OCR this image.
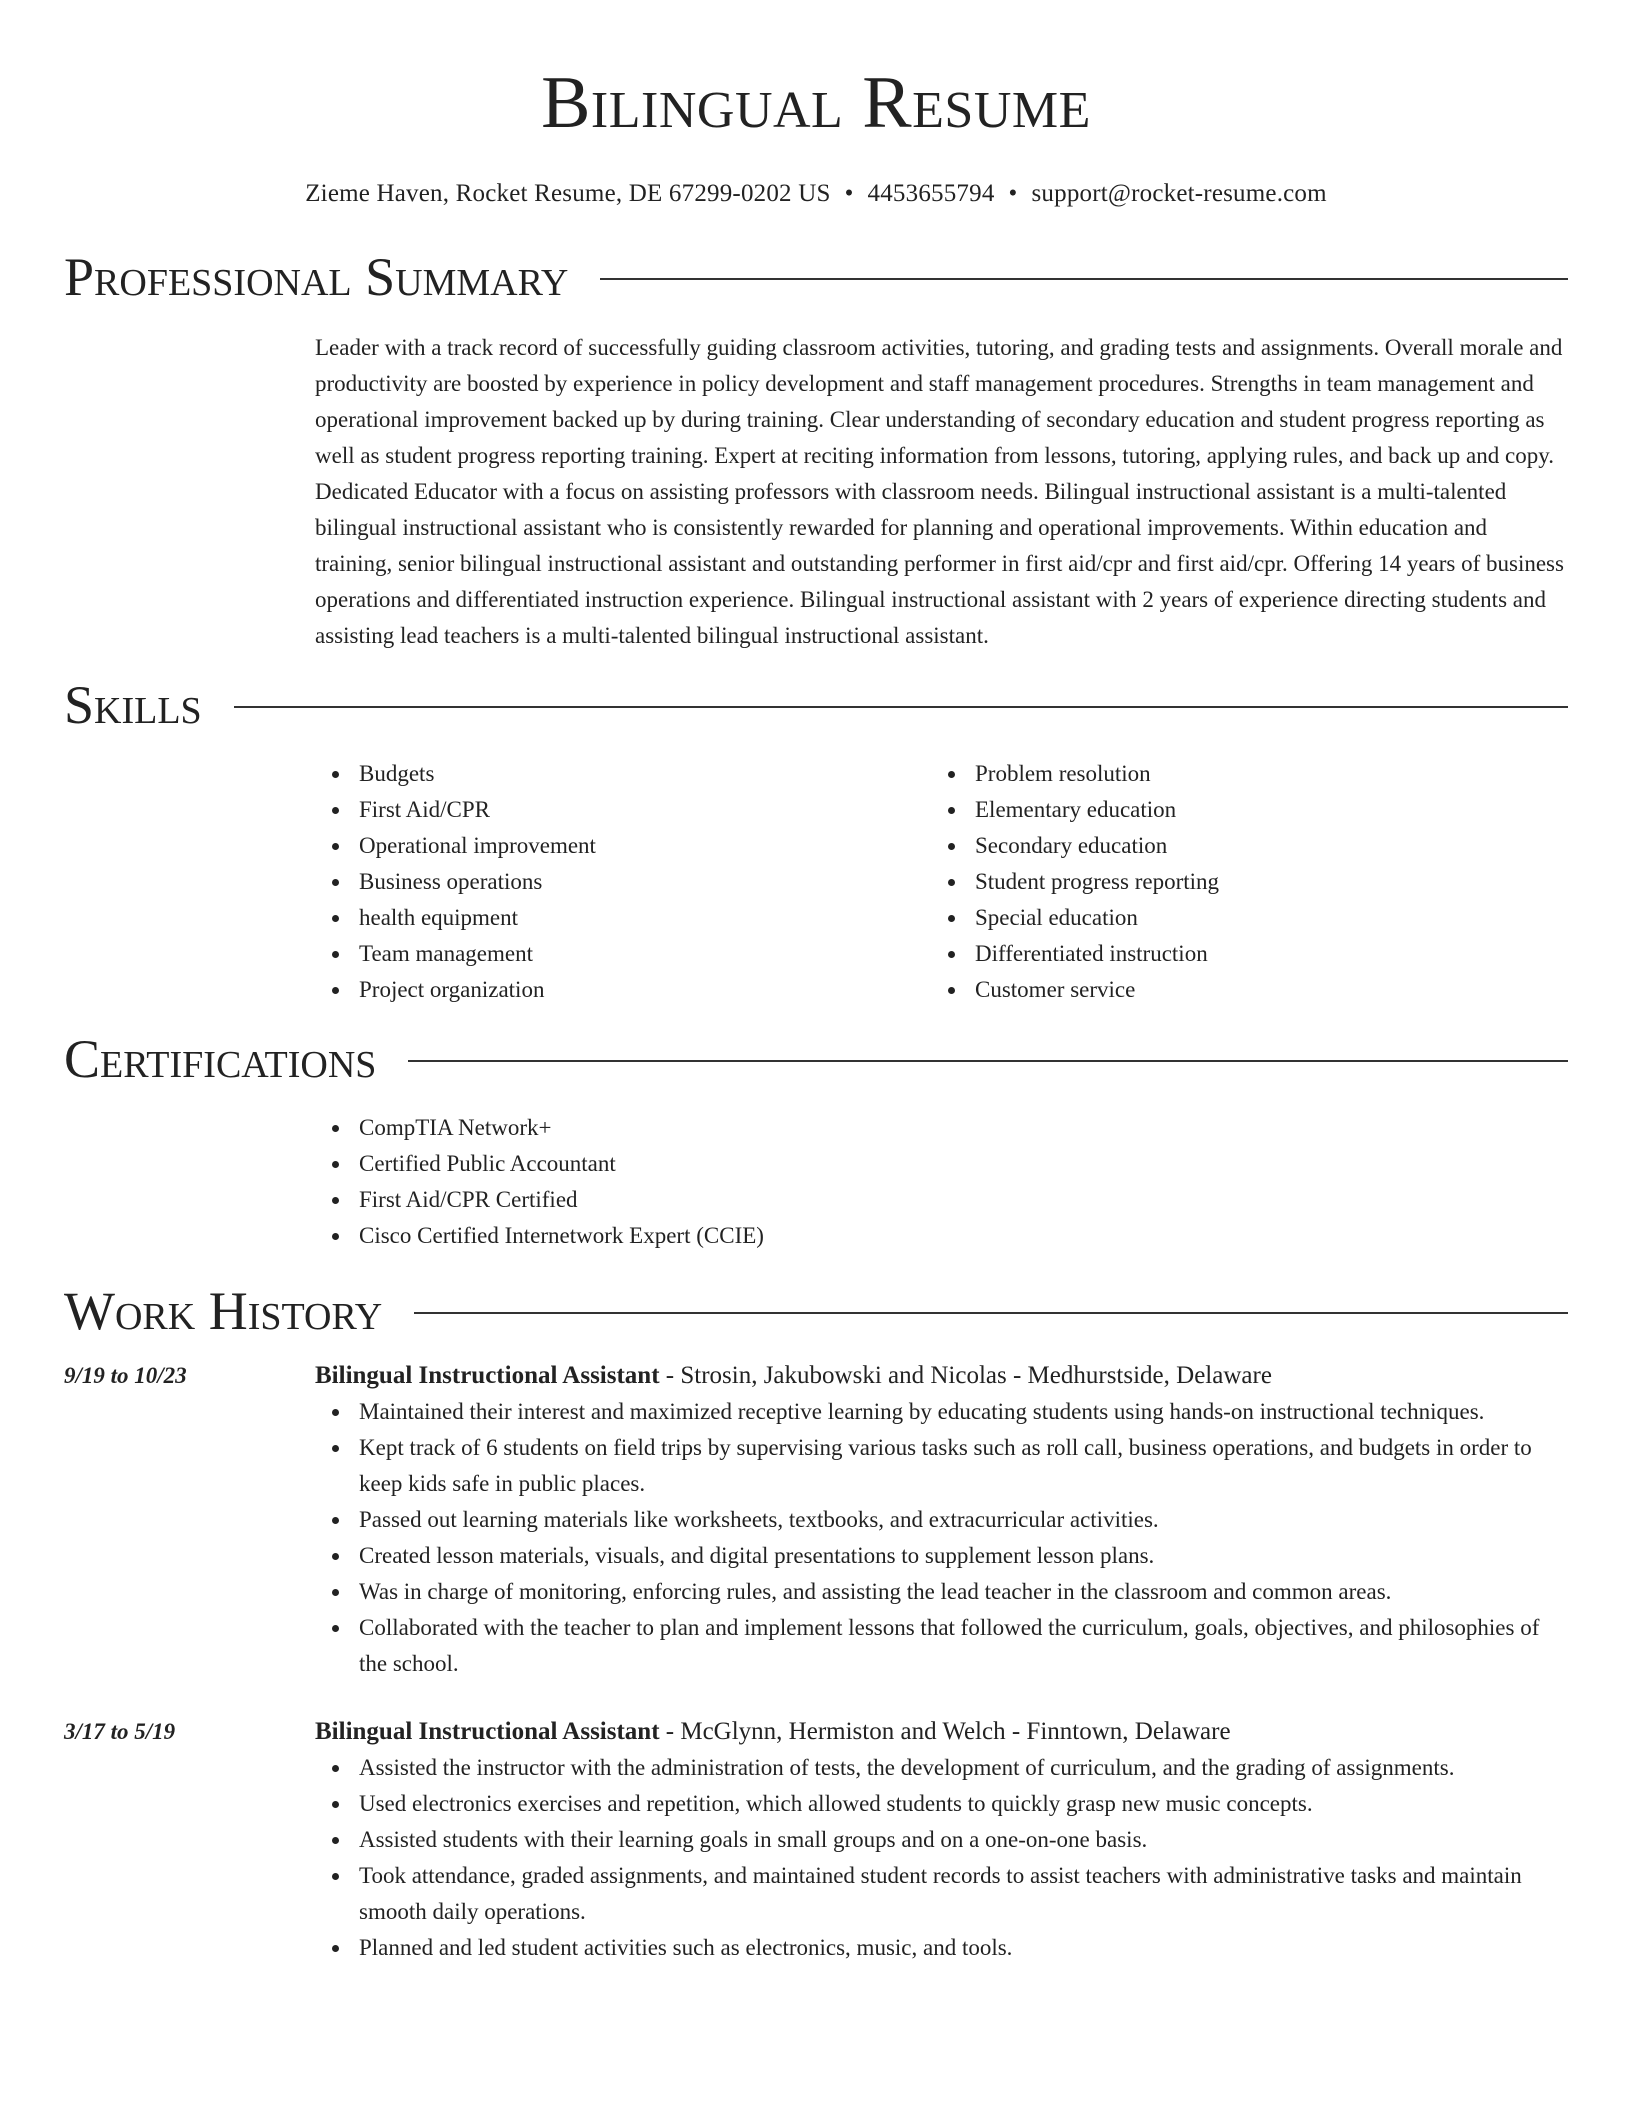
Bilingual Resume
Zieme Haven, Rocket Resume, DE 67299-0202 US • 4453655794 • support@rocket-resume.com
Professional Summary

Leader with a track record of successfully guiding classroom activities, tutoring, and grading tests and assignments. Overall morale and productivity are boosted by experience in policy development and staff management procedures. Strengths in team management and operational improvement backed up by during training. Clear understanding of secondary education and student progress reporting as well as student progress reporting training. Expert at reciting information from lessons, tutoring, applying rules, and back up and copy. Dedicated Educator with a focus on assisting professors with classroom needs. Bilingual instructional assistant is a multi-talented bilingual instructional assistant who is consistently rewarded for planning and operational improvements. Within education and training, senior bilingual instructional assistant and outstanding performer in first aid/cpr and first aid/cpr. Offering 14 years of business operations and differentiated instruction experience. Bilingual instructional assistant with 2 years of experience directing students and assisting lead teachers is a multi-talented bilingual instructional assistant.

Skills
Budgets
First Aid/CPR
Operational improvement
Business operations
health equipment
Team management
Project organization
Problem resolution
Elementary education
Secondary education
Student progress reporting
Special education
Differentiated instruction
Customer service
Certifications
CompTIA Network+
Certified Public Accountant
First Aid/CPR Certified
Cisco Certified Internetwork Expert (CCIE)
Work History
9/19 to 10/23	Bilingual Instructional Assistant - Strosin, Jakubowski and Nicolas - Medhurstside, Delaware
Maintained their interest and maximized receptive learning by educating students using hands-on instructional techniques.
Kept track of 6 students on field trips by supervising various tasks such as roll call, business operations, and budgets in order to keep kids safe in public places.
Passed out learning materials like worksheets, textbooks, and extracurricular activities.
Created lesson materials, visuals, and digital presentations to supplement lesson plans.
Was in charge of monitoring, enforcing rules, and assisting the lead teacher in the classroom and common areas.
Collaborated with the teacher to plan and implement lessons that followed the curriculum, goals, objectives, and philosophies of the school.
3/17 to 5/19	Bilingual Instructional Assistant - McGlynn, Hermiston and Welch - Finntown, Delaware
Assisted the instructor with the administration of tests, the development of curriculum, and the grading of assignments.
Used electronics exercises and repetition, which allowed students to quickly grasp new music concepts.
Assisted students with their learning goals in small groups and on a one-on-one basis.
Took attendance, graded assignments, and maintained student records to assist teachers with administrative tasks and maintain smooth daily operations.
Planned and led student activities such as electronics, music, and tools.
